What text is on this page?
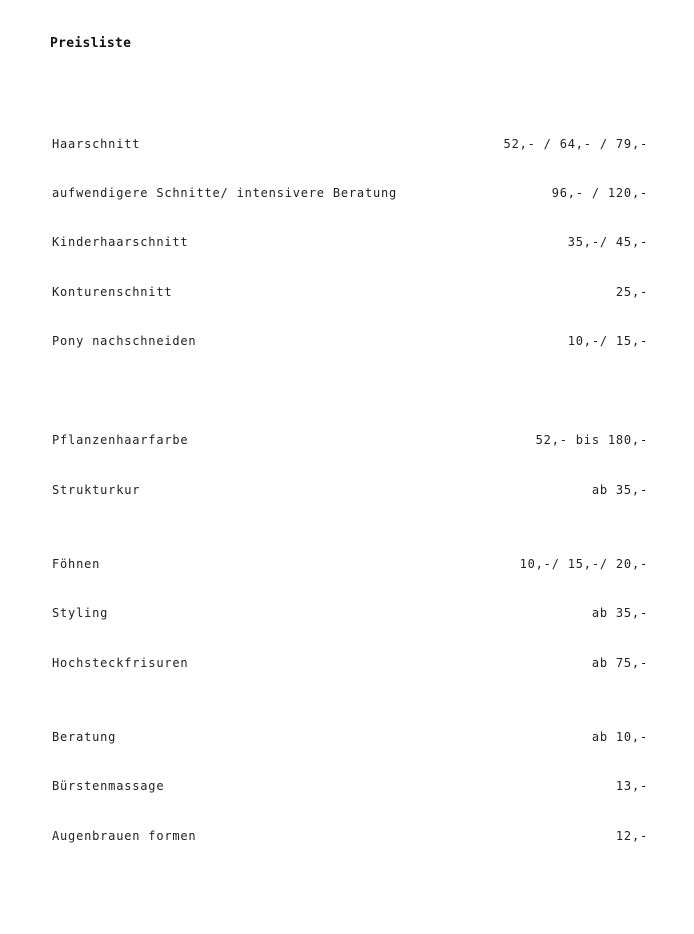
Preisliste
Haarschnitt	52,- / 64,- / 79,-
aufwendigere Schnitte/ intensivere Beratung	96,- / 120,-
Kinderhaarschnitt	35,-/ 45,-
Konturenschnitt	25,-
Pony nachschneiden	10,-/ 15,-
Pflanzenhaarfarbe	52,- bis 180,-
Strukturkur	ab 35,-
Föhnen	10,-/ 15,-/ 20,-
Styling	ab 35,-
Hochsteckfrisuren	ab 75,-
Beratung	ab 10,-
Bürstenmassage	13,-
Augenbrauen formen	12,-
